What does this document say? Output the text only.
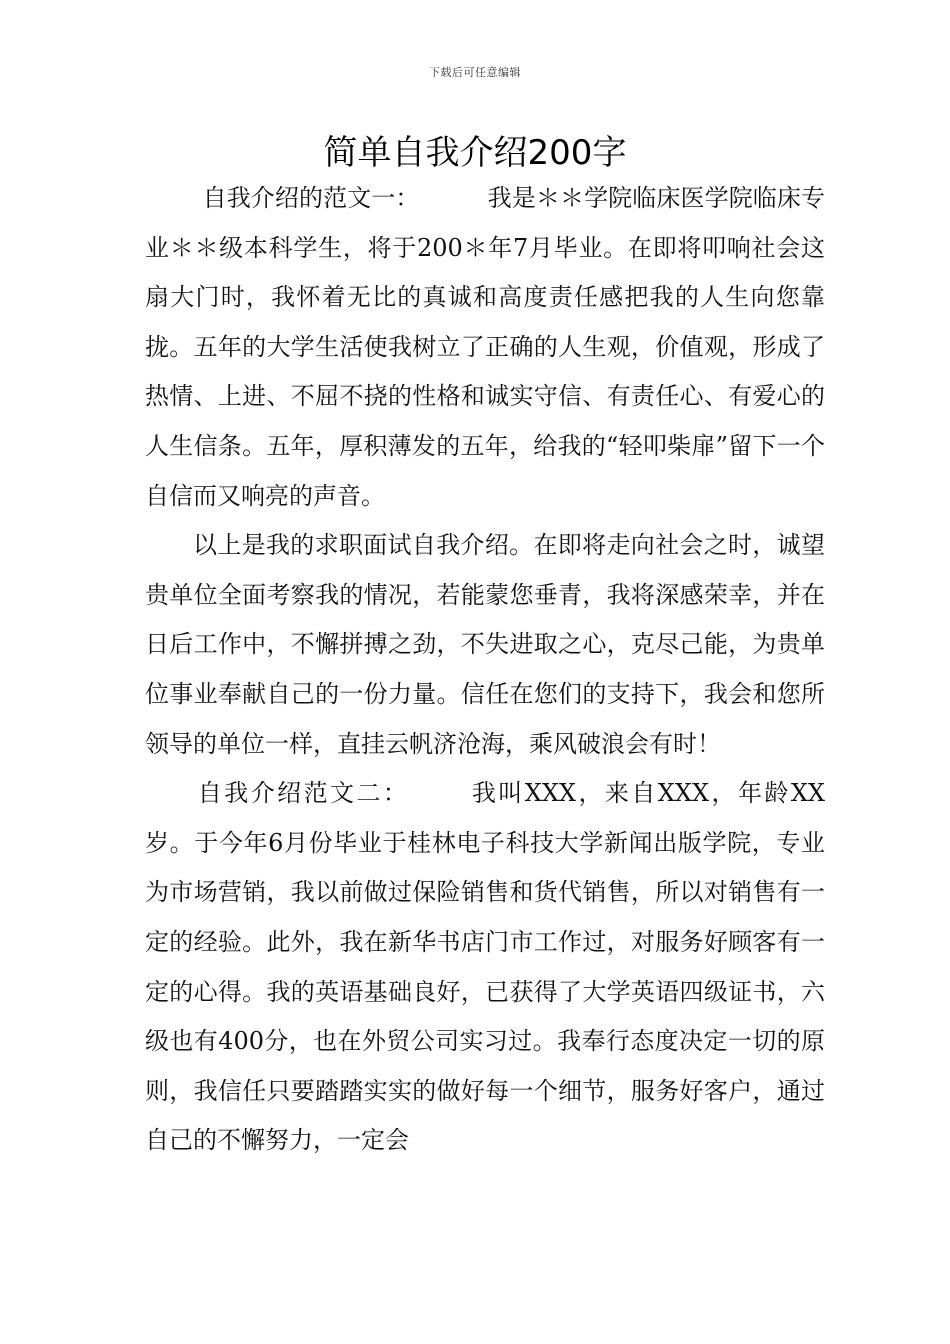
下载后可任意编辑
简单自我介绍200字

自我介绍的范文一：	我是＊＊学院临床医学院临床专业＊＊级本科学生，将于200＊年7月毕业。在即将叩响社会这扇大门时，我怀着无比的真诚和高度责任感把我的人生向您靠拢。五年的大学生活使我树立了正确的人生观，价值观，形成了热情、上进、不屈不挠的性格和诚实守信、有责任心、有爱心的人生信条。五年，厚积薄发的五年，给我的“轻叩柴扉”留下一个自信而又响亮的声音。

以上是我的求职面试自我介绍。在即将走向社会之时，诚望贵单位全面考察我的情况，若能蒙您垂青，我将深感荣幸，并在日后工作中，不懈拼搏之劲，不失进取之心，克尽己能，为贵单位事业奉献自己的一份力量。信任在您们的支持下，我会和您所领导的单位一样，直挂云帆济沧海，乘风破浪会有时！

自我介绍范文二：	我叫XXX，来自XXX，年龄XX岁。于今年6月份毕业于桂林电子科技大学新闻出版学院，专业为市场营销，我以前做过保险销售和货代销售，所以对销售有一定的经验。此外，我在新华书店门市工作过，对服务好顾客有一定的心得。我的英语基础良好，已获得了大学英语四级证书，六级也有400分，也在外贸公司实习过。我奉行态度决定一切的原则，我信任只要踏踏实实的做好每一个细节，服务好客户，通过自己的不懈努力，一定会
